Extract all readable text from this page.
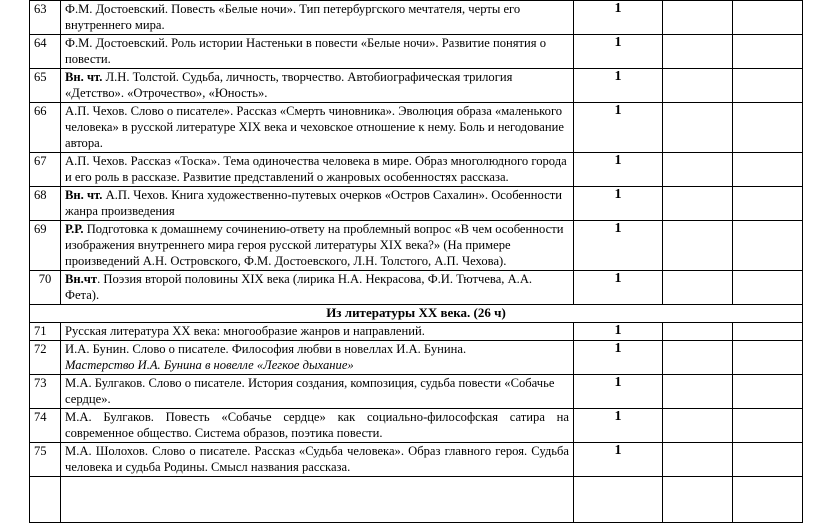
63	Ф.М. Достоевский. Повесть «Белые ночи». Тип петербургского мечтателя, черты его внутреннего мира.	1		
64	Ф.М. Достоевский. Роль истории Настеньки в повести «Белые ночи». Развитие понятия о повести.	1		
65	Вн. чт. Л.Н. Толстой. Судьба, личность, творчество. Автобиографическая трилогия «Детство». «Отрочество», «Юность».	1		
66	А.П. Чехов. Слово о писателе». Рассказ «Смерть чиновника». Эволюция образа «маленького человека» в русской литературе XIX века и чеховское отношение к нему. Боль и негодование автора.	1		
67	А.П. Чехов. Рассказ «Тоска». Тема одиночества человека в мире. Образ многолюдного города и его роль в рассказе. Развитие представлений о жанровых особенностях рассказа.	1		
68	Вн. чт. А.П. Чехов. Книга художественно-путевых очерков «Остров Сахалин». Особенности жанра произведения	1		
69	Р.Р. Подготовка к домашнему сочинению-ответу на проблемный вопрос «В чем особенности изображения внутреннего мира героя русской литературы XIX века?» (На примере произведений А.Н. Островского, Ф.М. Достоевского, Л.Н. Толстого, А.П. Чехова).	1		
70	Вн.чт. Поэзия второй половины XIX века (лирика Н.А. Некрасова, Ф.И. Тютчева, А.А. Фета).	1		
Из литературы XX века. (26 ч)				
71	Русская литература XX века: многообразие жанров и направлений.	1		
72	И.А. Бунин. Слово о писателе. Философия любви в новеллах И.А. Бунина.
Мастерство И.А. Бунина в новелле «Легкое дыхание»	1		
73	М.А. Булгаков. Слово о писателе. История создания, композиция, судьба повести «Собачье сердце».	1		
74	М.А. Булгаков. Повесть «Собачье сердце» как социально-философская сатира на современное общество. Система образов, поэтика повести.	1		
75	М.А. Шолохов. Слово о писателе. Рассказ «Судьба человека». Образ главного героя. Судьба человека и судьба Родины. Смысл названия рассказа.	1		
